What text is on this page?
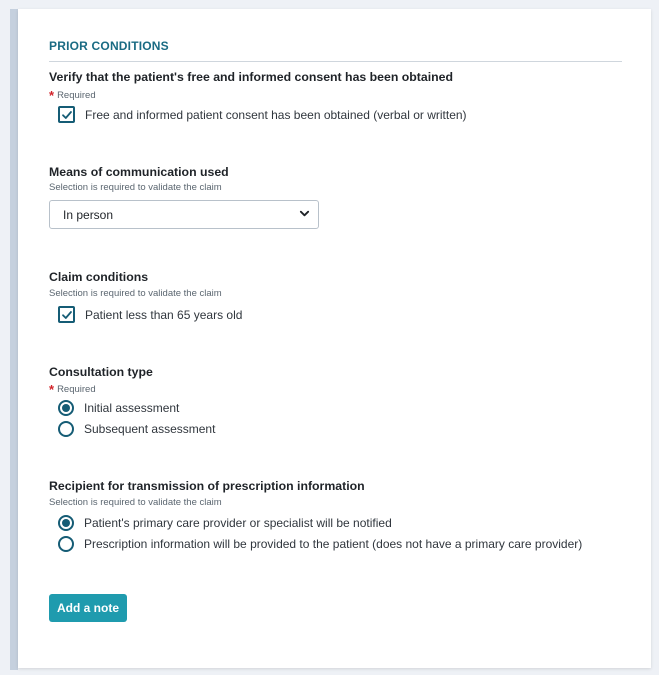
PRIOR CONDITIONS
Verify that the patient's free and informed consent has been obtained
* Required
Free and informed patient consent has been obtained (verbal or written)
Means of communication used
Selection is required to validate the claim
In person
Claim conditions
Selection is required to validate the claim
Patient less than 65 years old
Consultation type
* Required
Initial assessment
Subsequent assessment
Recipient for transmission of prescription information
Selection is required to validate the claim
Patient's primary care provider or specialist will be notified
Prescription information will be provided to the patient (does not have a primary care provider)
Add a note
